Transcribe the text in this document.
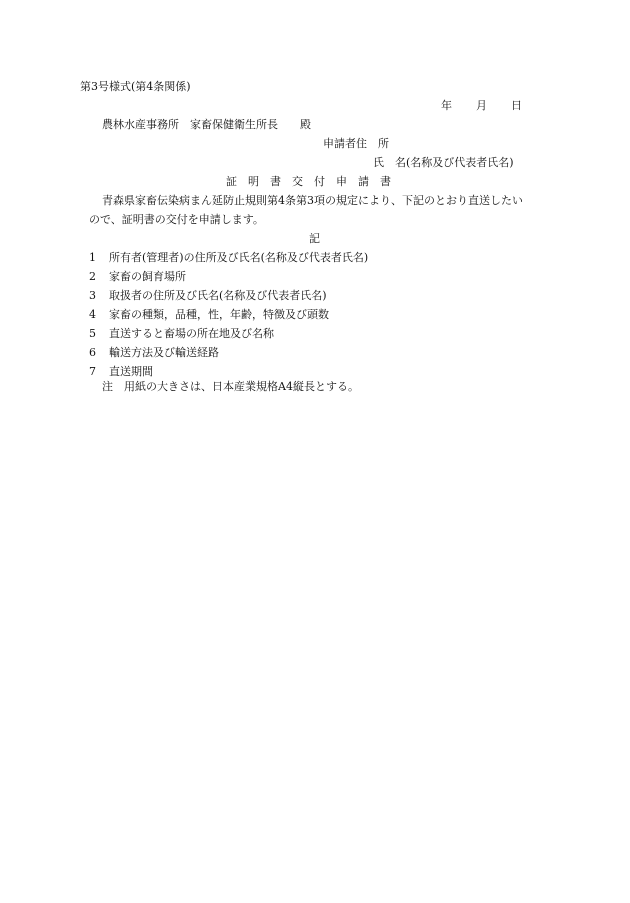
第3号様式(第4条関係)
年 月 日
農林水産事務所　家畜保健衛生所長　　殿
申請者住　所
氏　名(名称及び代表者氏名)
証　明　書　交　付　申　請　書
青森県家畜伝染病まん延防止規則第4条第3項の規定により、下記のとおり直送したい
ので、証明書の交付を申請します。
記
1 所有者(管理者)の住所及び氏名(名称及び代表者氏名)
2 家畜の飼育場所
3 取扱者の住所及び氏名(名称及び代表者氏名)
4 家畜の種類，品種，性，年齢，特徴及び頭数
5 直送すると畜場の所在地及び名称
6 輸送方法及び輸送経路
7 直送期間
注　用紙の大きさは、日本産業規格A4縦長とする。
